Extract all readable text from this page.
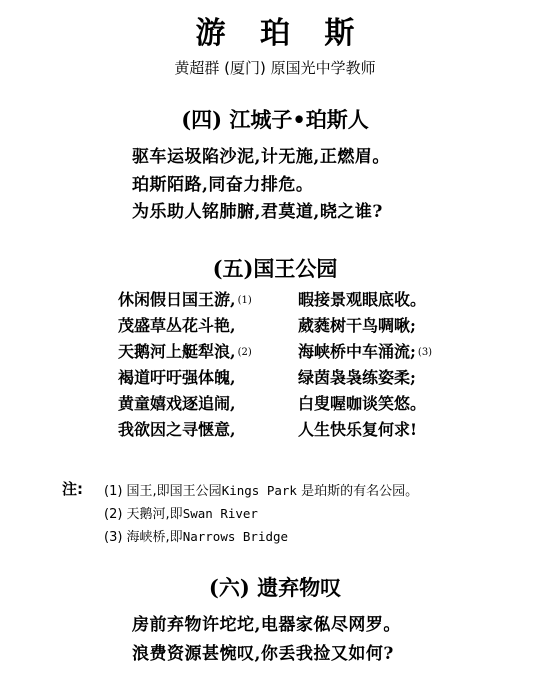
游 珀 斯
黄超群 (厦门) 原国光中学教师
(四) 江城子•珀斯人
驱车运圾陷沙泥,计无施,正燃眉。
珀斯陌路,同奋力排危。
为乐助人铭肺腑,君莫道,晓之谁?
(五)国王公园
休闲假日国王游, $^{(1)}$
茂盛草丛花斗艳,
天鹅河上艇犁浪, $^{(2)}$
褐道吁吁强体魄,
黄童嬉戏逐追闹,
我欲因之寻惬意,
暇接景观眼底收。
葳蕤树干鸟啁啾;
海峡桥中车涌流; $^{(3)}$
绿茵袅袅练姿柔;
白叟喔咖谈笑悠。
人生快乐复何求!
注: (1) 国王,即国王公园Kings Park 是珀斯的有名公园。
(2) 天鹅河,即Swan River
(3) 海峡桥,即Narrows Bridge
(六) 遗弃物叹
房前弃物许坨坨,电器家俬尽网罗。
浪费资源甚惋叹,你丢我捡又如何?
